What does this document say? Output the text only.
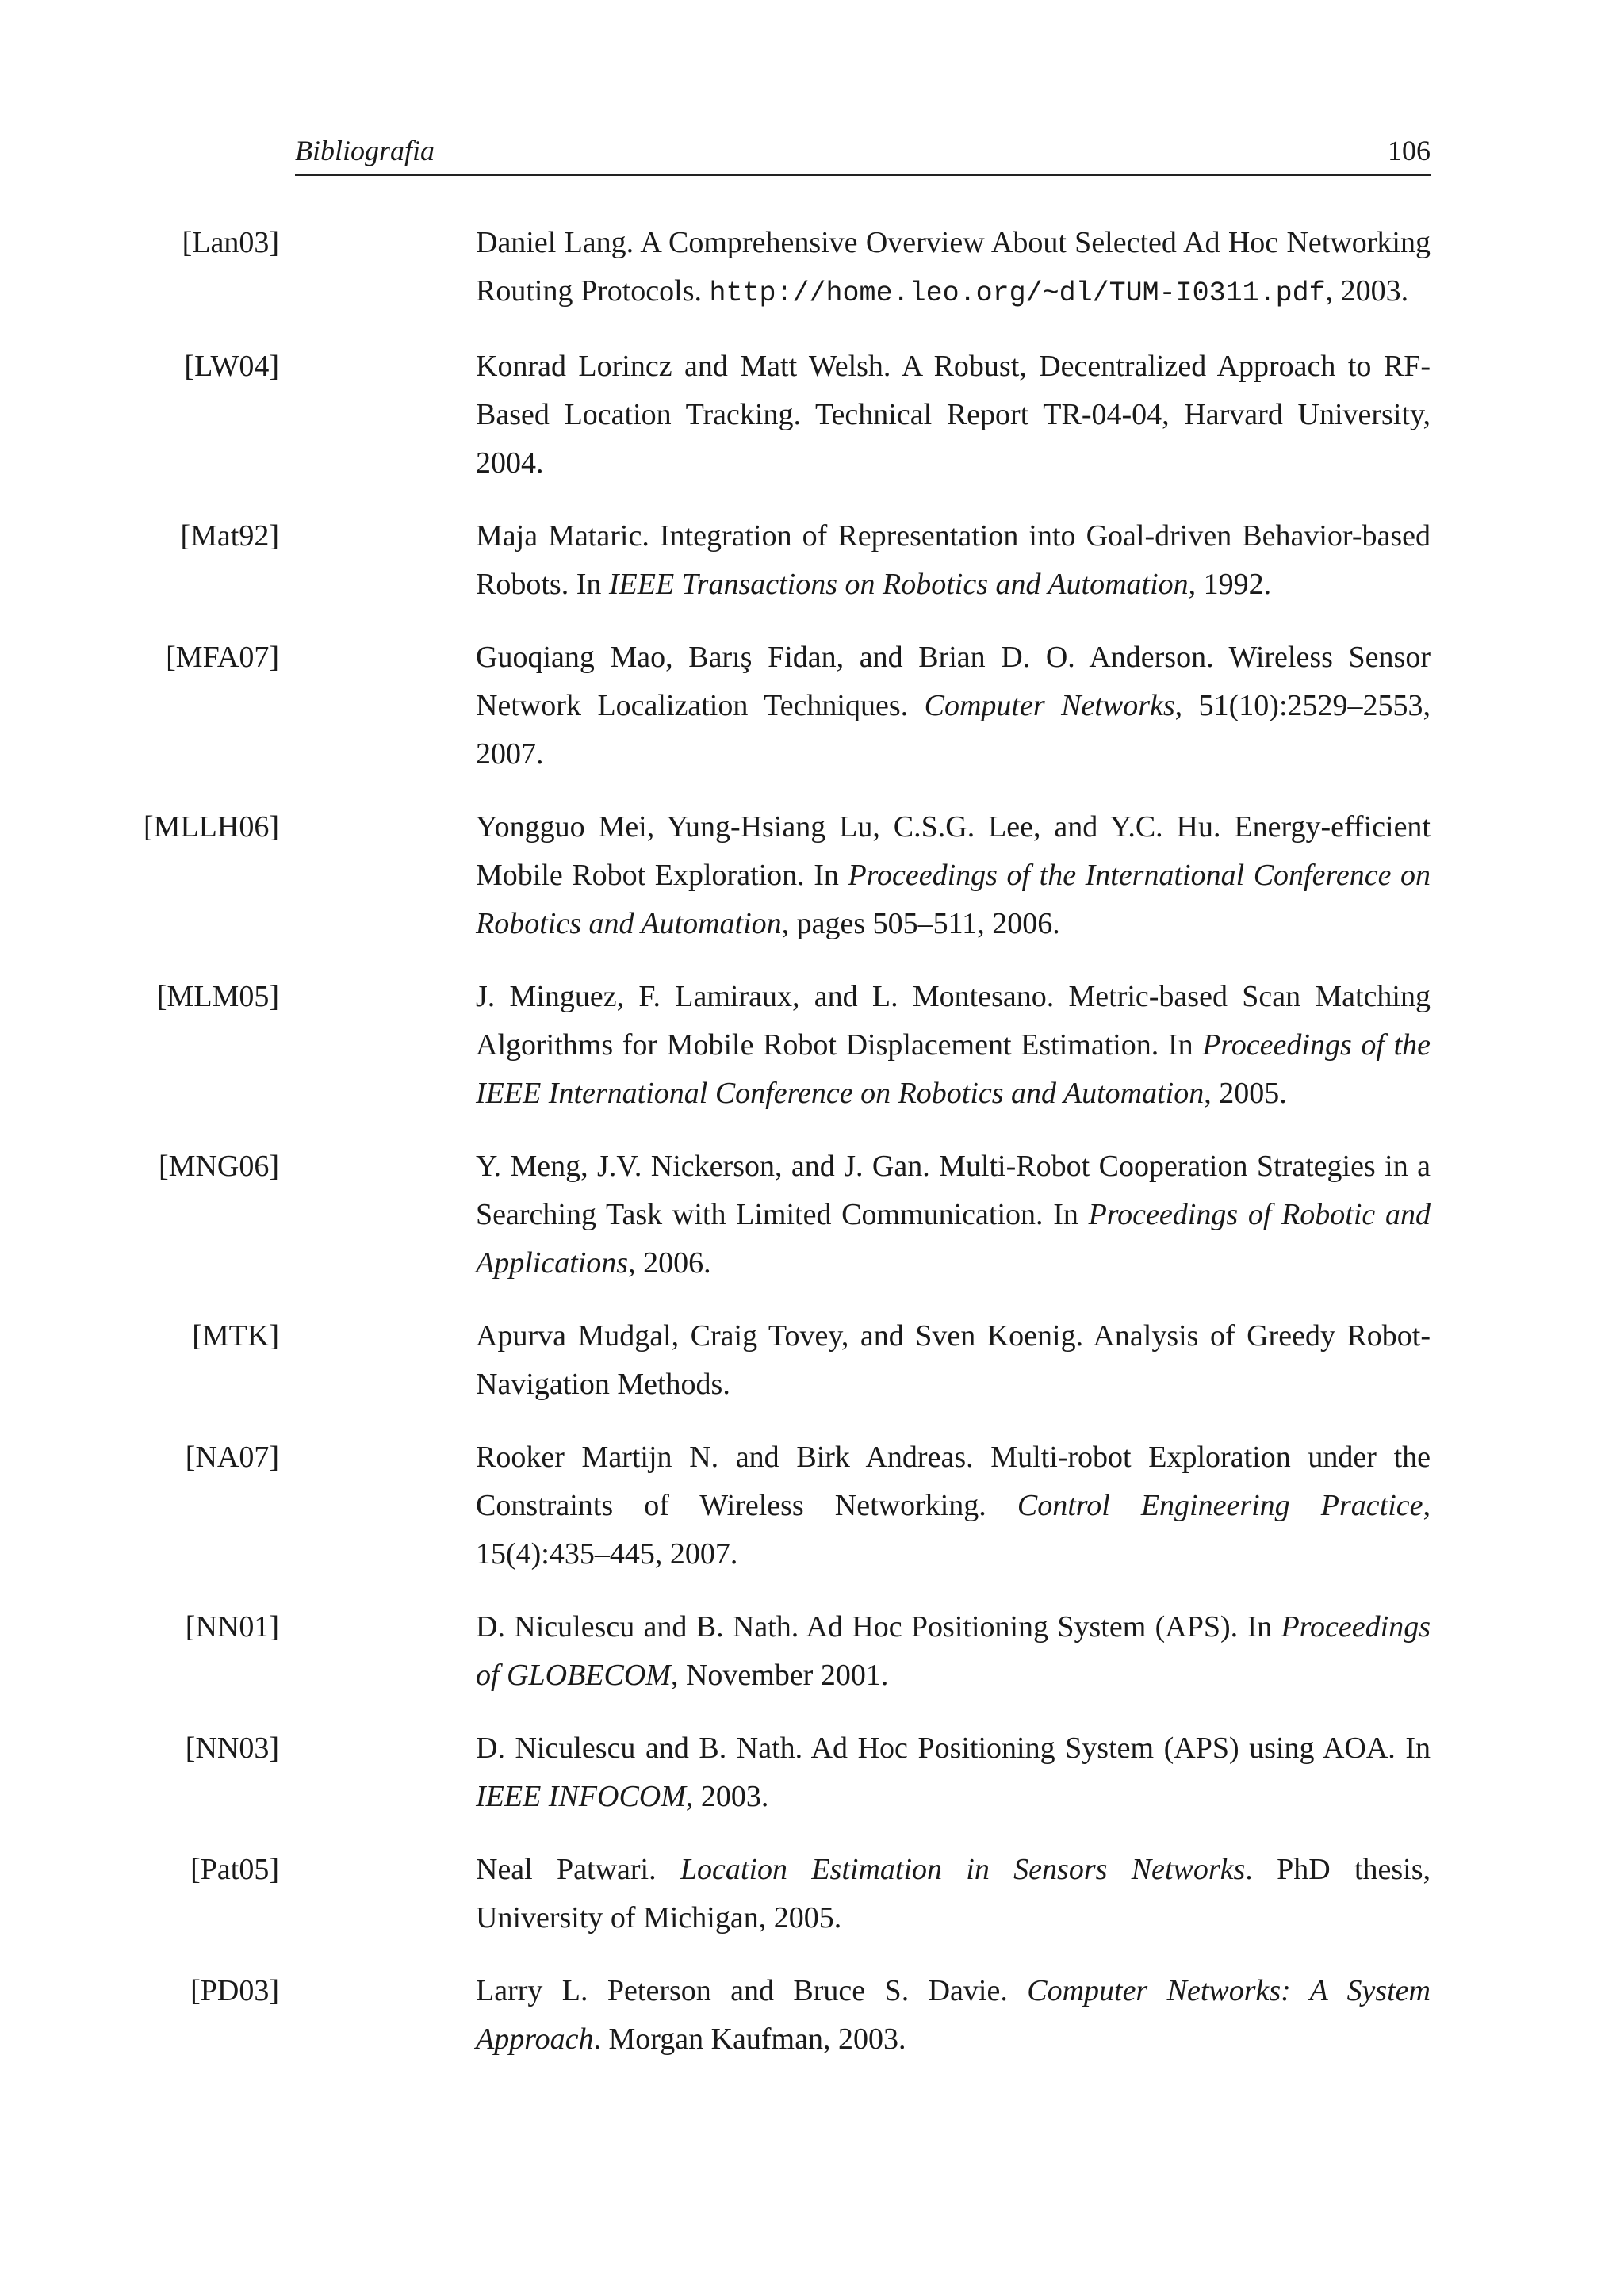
Bibliografia	106
[Lan03]	Daniel Lang. A Comprehensive Overview About Selected Ad Hoc Networking Routing Protocols. http://home.leo.org/~dl/TUM-I0311.pdf, 2003.
[LW04]	Konrad Lorincz and Matt Welsh. A Robust, Decentralized Approach to RF-Based Location Tracking. Technical Report TR-04-04, Harvard University, 2004.
[Mat92]	Maja Mataric. Integration of Representation into Goal-driven Behavior-based Robots. In IEEE Transactions on Robotics and Automation, 1992.
[MFA07]	Guoqiang Mao, Barış Fidan, and Brian D. O. Anderson. Wireless Sensor Network Localization Techniques. Computer Networks, 51(10):2529–2553, 2007.
[MLLH06]	Yongguo Mei, Yung-Hsiang Lu, C.S.G. Lee, and Y.C. Hu. Energy-efficient Mobile Robot Exploration. In Proceedings of the International Conference on Robotics and Automation, pages 505–511, 2006.
[MLM05]	J. Minguez, F. Lamiraux, and L. Montesano. Metric-based Scan Matching Algorithms for Mobile Robot Displacement Estimation. In Proceedings of the IEEE International Conference on Robotics and Automation, 2005.
[MNG06]	Y. Meng, J.V. Nickerson, and J. Gan. Multi-Robot Cooperation Strategies in a Searching Task with Limited Communication. In Proceedings of Robotic and Applications, 2006.
[MTK]	Apurva Mudgal, Craig Tovey, and Sven Koenig. Analysis of Greedy Robot-Navigation Methods.
[NA07]	Rooker Martijn N. and Birk Andreas. Multi-robot Exploration under the Constraints of Wireless Networking. Control Engineering Practice, 15(4):435–445, 2007.
[NN01]	D. Niculescu and B. Nath. Ad Hoc Positioning System (APS). In Proceedings of GLOBECOM, November 2001.
[NN03]	D. Niculescu and B. Nath. Ad Hoc Positioning System (APS) using AOA. In IEEE INFOCOM, 2003.
[Pat05]	Neal Patwari. Location Estimation in Sensors Networks. PhD thesis, University of Michigan, 2005.
[PD03]	Larry L. Peterson and Bruce S. Davie. Computer Networks: A System Approach. Morgan Kaufman, 2003.
